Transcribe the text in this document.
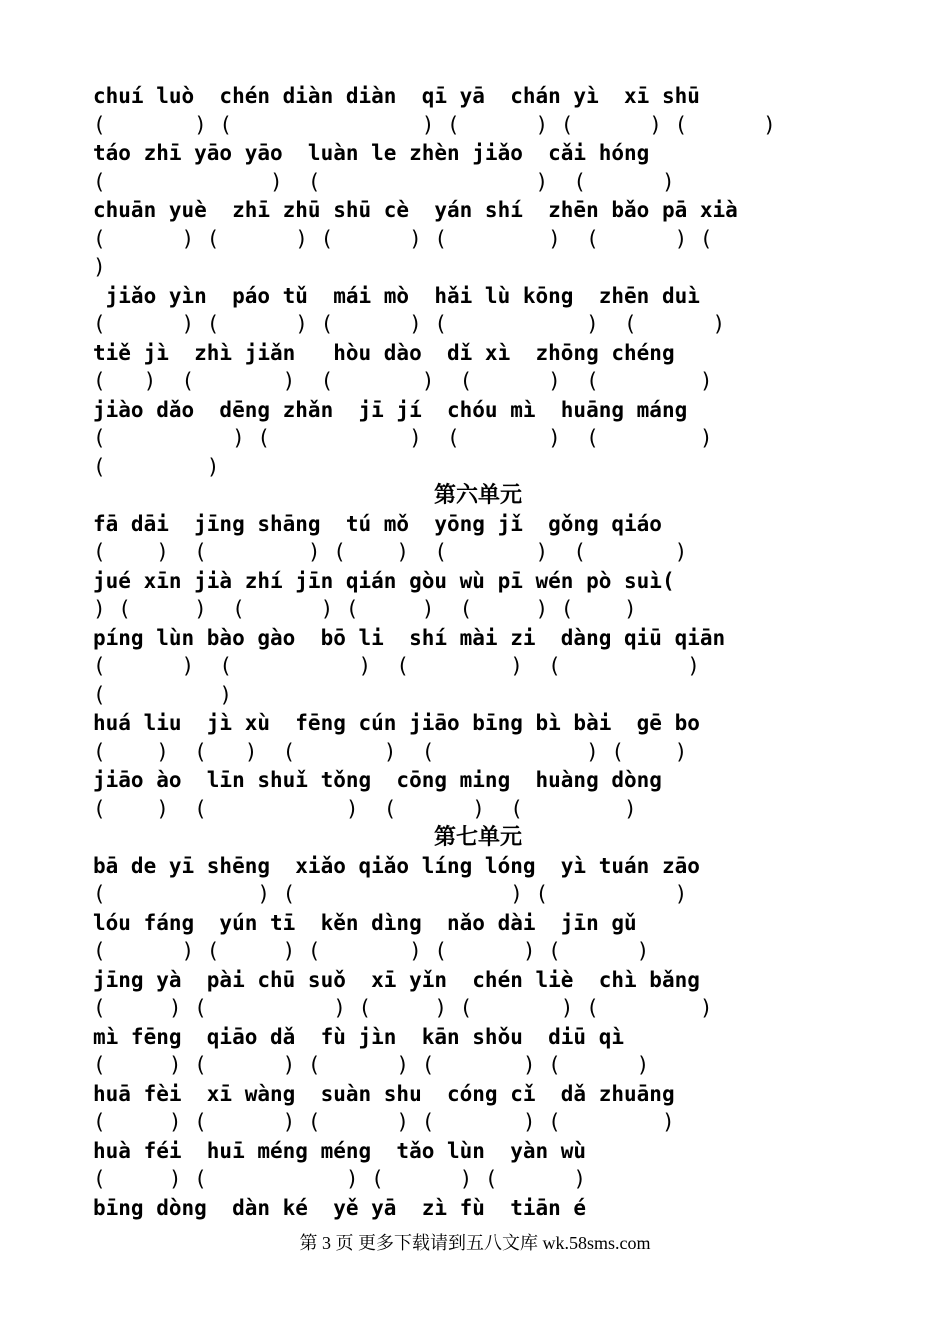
chuí luò  chén diàn diàn  qī yā  chán yì  xī shū
(       ) (               ) (      ) (      ) (      )
táo zhī yāo yāo  luàn le zhèn jiǎo  cǎi hóng
(             )  (                 )  (      )
chuān yuè  zhī zhū shū cè  yán shí  zhēn bǎo pā xià
(      ) (      ) (      ) (        )  (      ) (
)
jiǎo yìn  páo tǔ  mái mò  hǎi lù kōng  zhēn duì
(      ) (      ) (      ) (           )  (      )
tiě jì  zhì jiǎn   hòu dào  dǐ xì  zhōng chéng
(   )  (       )  (       )  (      )  (        )
jiào dǎo  dēng zhǎn  jī jí  chóu mì  huāng máng
(          ) (           )  (       )  (        )
(        )
第六单元
fā dāi  jīng shāng  tú mǒ  yōng jǐ  gǒng qiáo
(    )  (        ) (    )  (       )  (       )
jué xīn jià zhí jīn qián gòu wù pī wén pò suì(
) (     )  (      ) (     )  (     ) (    )
píng lùn bào gào  bō li  shí mài zi  dàng qiū qiān
(      )  (          )  (        )  (          )
(         )
huá liu  jì xù  fēng cún jiāo bīng bì bài  gē bo
(    )  (   )  (       )  (            ) (    )
jiāo ào  līn shuǐ tǒng  cōng ming  huàng dòng
(    )  (           )  (      )  (        )
第七单元
bā de yī shēng  xiǎo qiǎo líng lóng  yì tuán zāo
(            ) (                 ) (          )
lóu fáng  yún tī  kěn dìng  nǎo dài  jīn gǔ
(      ) (     ) (       ) (      ) (      )
jīng yà  pài chū suǒ  xī yǐn  chén liè  chì bǎng
(     ) (          ) (     ) (       ) (        )
mì fēng  qiāo dǎ  fù jìn  kān shǒu  diū qì
(     ) (      ) (      ) (       ) (      )
huā fèi  xī wàng  suàn shu  cóng cǐ  dǎ zhuāng
(     ) (      ) (      ) (       ) (        )
huà féi  huī méng méng  tǎo lùn  yàn wù
(     ) (           ) (      ) (      )
bīng dòng  dàn ké  yě yā  zì fù  tiān é
第 3 页 更多下载请到五八文库 wk.58sms.com
